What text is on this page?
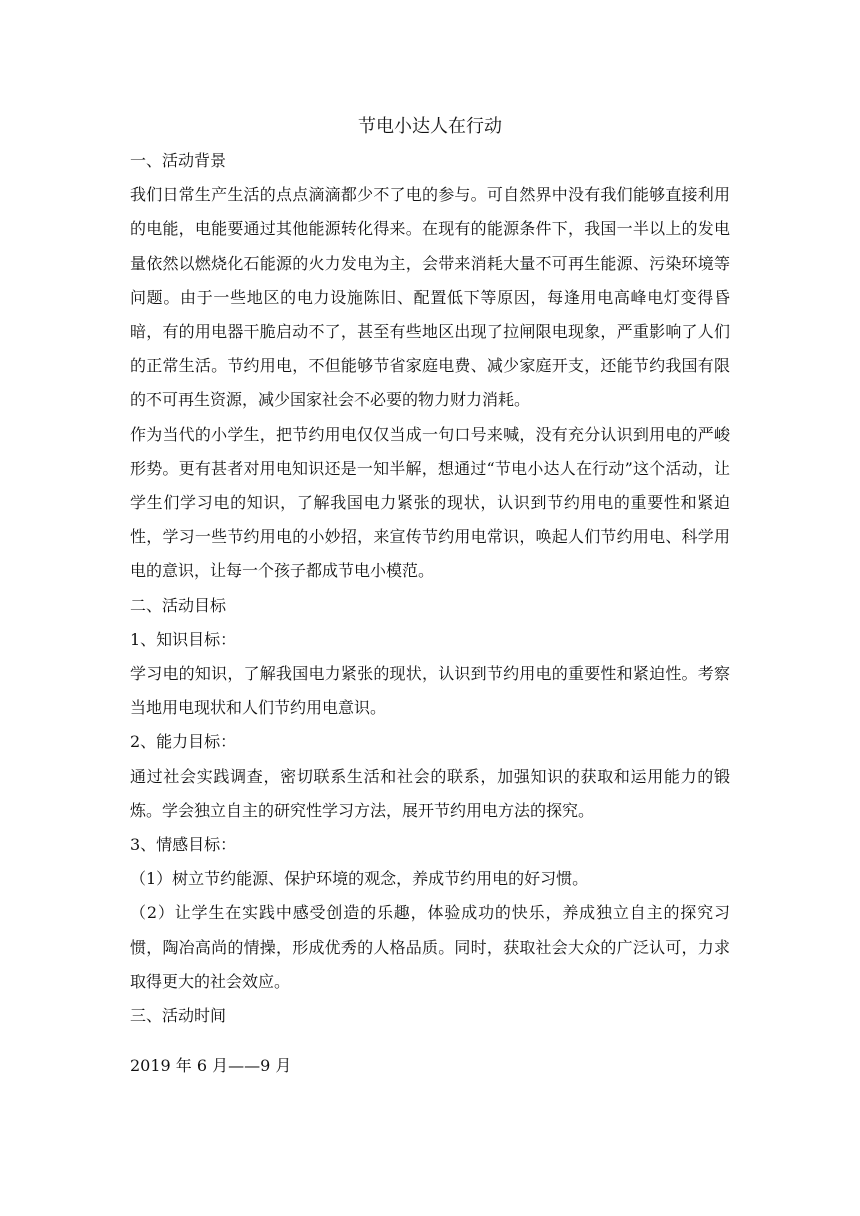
节电小达人在行动

一、活动背景

我们日常生产生活的点点滴滴都少不了电的参与。可自然界中没有我们能够直接利用的电能，电能要通过其他能源转化得来。在现有的能源条件下，我国一半以上的发电量依然以燃烧化石能源的火力发电为主，会带来消耗大量不可再生能源、污染环境等问题。由于一些地区的电力设施陈旧、配置低下等原因，每逢用电高峰电灯变得昏暗，有的用电器干脆启动不了，甚至有些地区出现了拉闸限电现象，严重影响了人们的正常生活。节约用电，不但能够节省家庭电费、减少家庭开支，还能节约我国有限的不可再生资源，减少国家社会不必要的物力财力消耗。

作为当代的小学生，把节约用电仅仅当成一句口号来喊，没有充分认识到用电的严峻形势。更有甚者对用电知识还是一知半解，想通过“节电小达人在行动”这个活动，让学生们学习电的知识，了解我国电力紧张的现状，认识到节约用电的重要性和紧迫性，学习一些节约用电的小妙招，来宣传节约用电常识，唤起人们节约用电、科学用电的意识，让每一个孩子都成节电小模范。

二、活动目标

1、知识目标：

学习电的知识，了解我国电力紧张的现状，认识到节约用电的重要性和紧迫性。考察当地用电现状和人们节约用电意识。

2、能力目标：

通过社会实践调查，密切联系生活和社会的联系，加强知识的获取和运用能力的锻炼。学会独立自主的研究性学习方法，展开节约用电方法的探究。

3、情感目标：

（1）树立节约能源、保护环境的观念，养成节约用电的好习惯。

（2）让学生在实践中感受创造的乐趣，体验成功的快乐，养成独立自主的探究习惯，陶冶高尚的情操，形成优秀的人格品质。同时，获取社会大众的广泛认可，力求取得更大的社会效应。

三、活动时间

2019 年 6 月——9 月
